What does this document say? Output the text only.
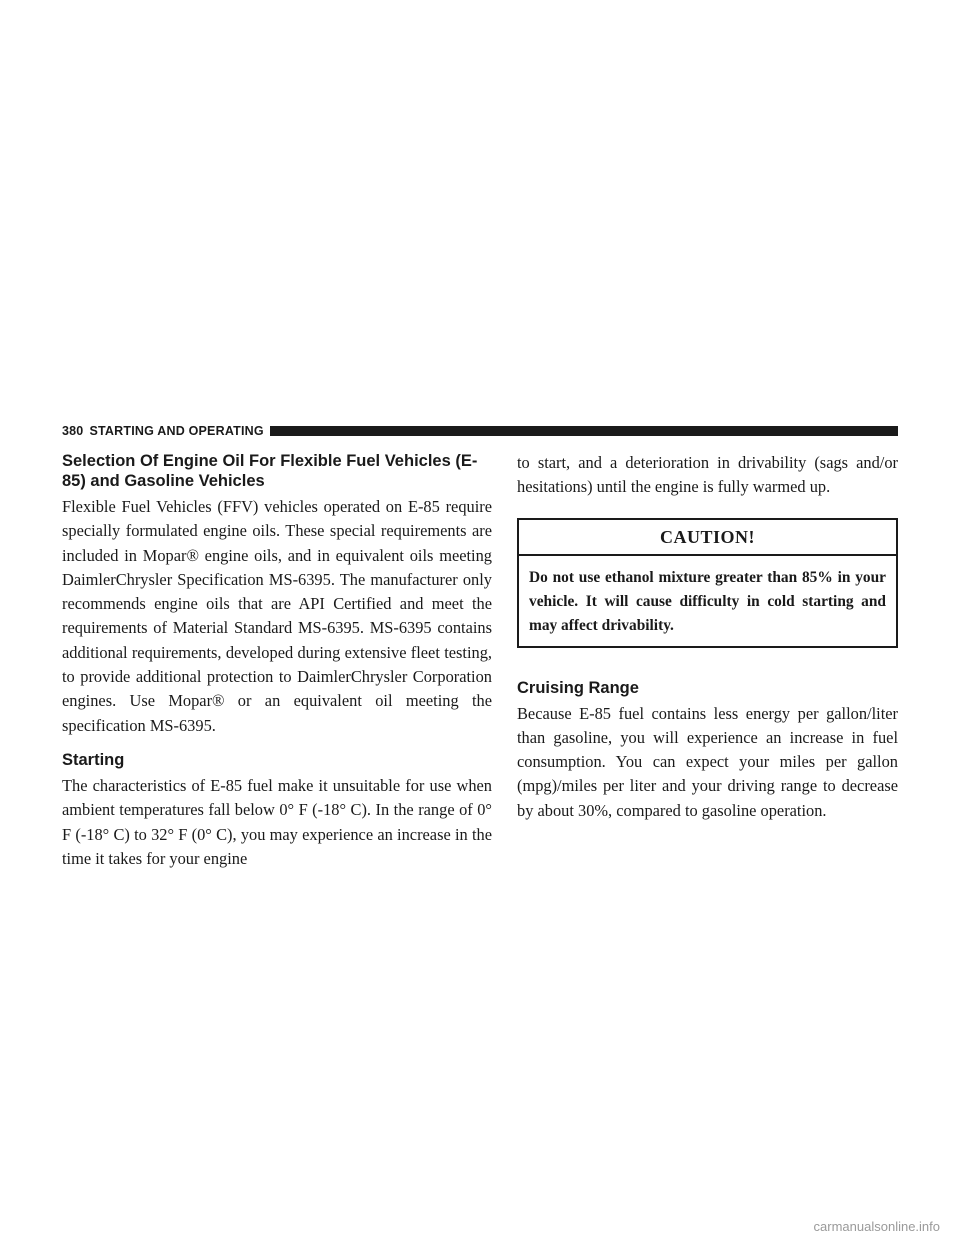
380 STARTING AND OPERATING
Selection Of Engine Oil For Flexible Fuel Vehicles (E-85) and Gasoline Vehicles

Flexible Fuel Vehicles (FFV) vehicles operated on E-85 require specially formulated engine oils. These special requirements are included in Mopar® engine oils, and in equivalent oils meeting DaimlerChrysler Specification MS-6395. The manufacturer only recommends engine oils that are API Certified and meet the requirements of Material Standard MS-6395. MS-6395 contains additional requirements, developed during extensive fleet testing, to provide additional protection to DaimlerChrysler Corporation engines. Use Mopar® or an equivalent oil meeting the specification MS-6395.

Starting

The characteristics of E-85 fuel make it unsuitable for use when ambient temperatures fall below 0° F (-18° C). In the range of 0° F (-18° C) to 32° F (0° C), you may experience an increase in the time it takes for your engine

to start, and a deterioration in drivability (sags and/or hesitations) until the engine is fully warmed up.

CAUTION!
Do not use ethanol mixture greater than 85% in your vehicle. It will cause difficulty in cold starting and may affect drivability.
Cruising Range

Because E-85 fuel contains less energy per gallon/liter than gasoline, you will experience an increase in fuel consumption. You can expect your miles per gallon (mpg)/miles per liter and your driving range to decrease by about 30%, compared to gasoline operation.

carmanualsonline.info
